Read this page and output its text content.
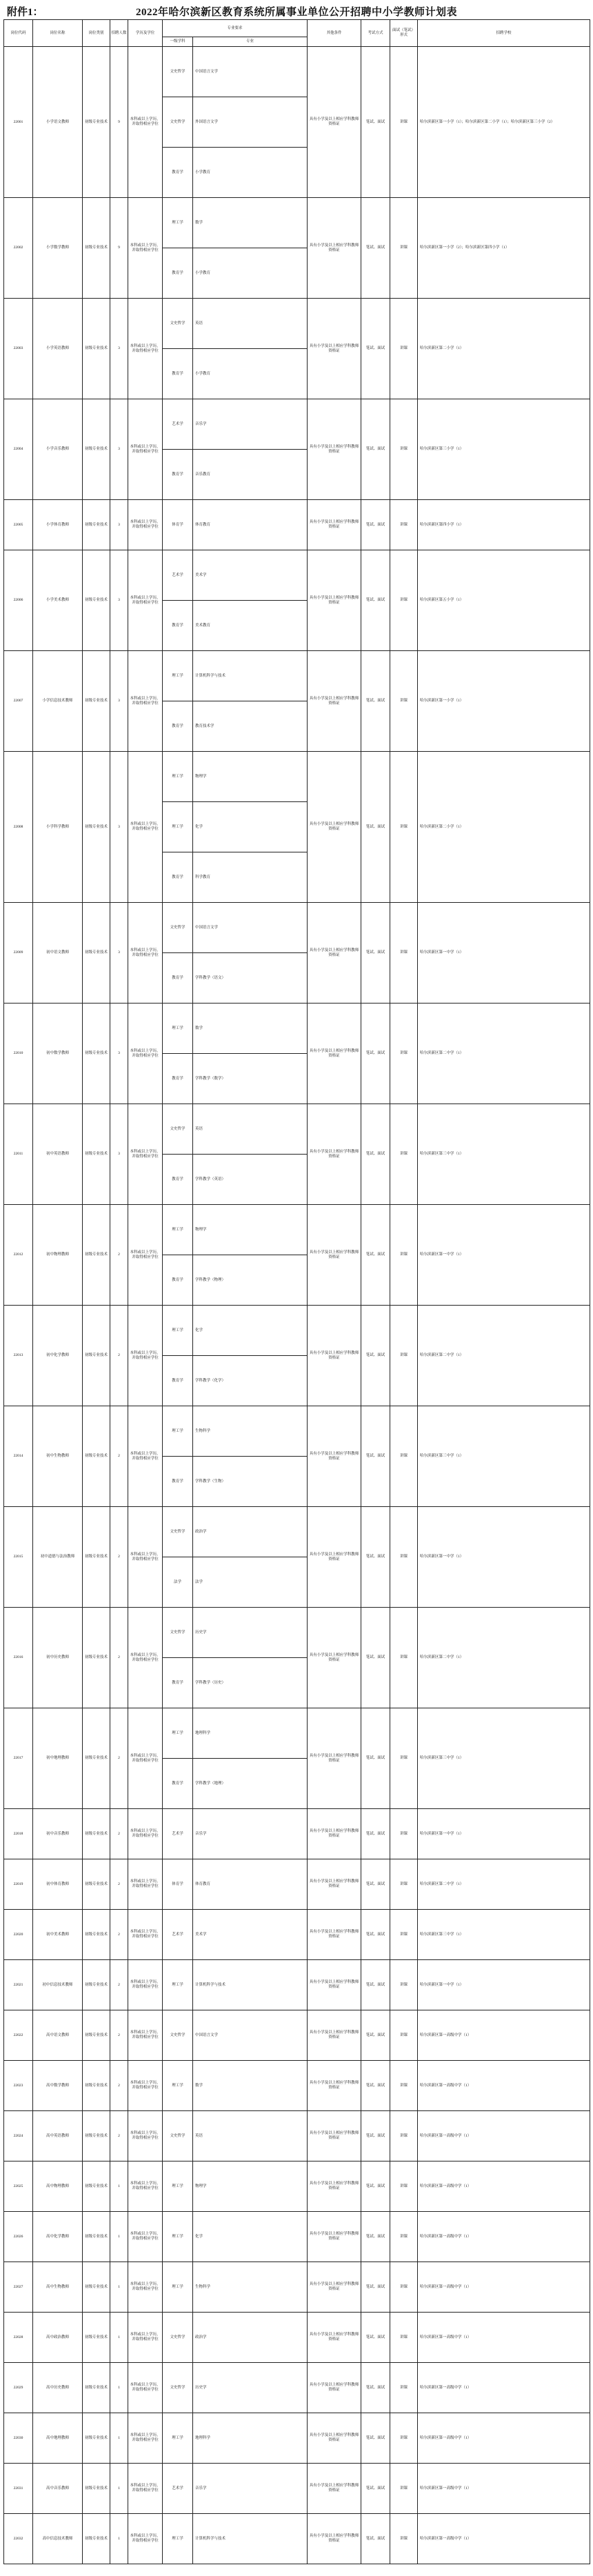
附件1：	2022年哈尔滨新区教育系统所属事业单位公开招聘中小学教师计划表
岗位代码	岗位名称	岗位类别	招聘人数	学历及学位	专业要求		其他条件	考试方式	面试（笔试）形式	招聘学校
					一级学科	专业				
22001	小学语文教师	初级专业技术	9	本科或以上学历，并取得相应学位	文史哲学	中国语言文学	具有小学及以上相应学科教师资格证	笔试、面试	讲课	哈尔滨新区第一小学（1）；哈尔滨新区第二小学（1）；哈尔滨新区第三小学（2）
					文史哲学	外国语言文学				
					教育学	小学教育				
22002	小学数学教师	初级专业技术	9	本科或以上学历，并取得相应学位	理工学	数学	具有小学及以上相应学科教师资格证	笔试、面试	讲课	哈尔滨新区第一小学（2）；哈尔滨新区第四小学（1）
					教育学	小学教育				
22003	小学英语教师	初级专业技术	3	本科或以上学历，并取得相应学位	文史哲学	英语	具有小学及以上相应学科教师资格证	笔试、面试	讲课	哈尔滨新区第二小学（1）
					教育学	小学教育				
22004	小学音乐教师	初级专业技术	3	本科或以上学历，并取得相应学位	艺术学	音乐学	具有小学及以上相应学科教师资格证	笔试、面试	讲课	哈尔滨新区第三小学（1）
					教育学	音乐教育				
22005	小学体育教师	初级专业技术	3	本科或以上学历，并取得相应学位	体育学	体育教育	具有小学及以上相应学科教师资格证	笔试、面试	讲课	哈尔滨新区第四小学（1）
22006	小学美术教师	初级专业技术	3	本科或以上学历，并取得相应学位	艺术学	美术学	具有小学及以上相应学科教师资格证	笔试、面试	讲课	哈尔滨新区第五小学（1）
					教育学	美术教育				
22007	小学信息技术教师	初级专业技术	3	本科或以上学历，并取得相应学位	理工学	计算机科学与技术	具有小学及以上相应学科教师资格证	笔试、面试	讲课	哈尔滨新区第一小学（1）
					教育学	教育技术学				
22008	小学科学教师	初级专业技术	3	本科或以上学历，并取得相应学位	理工学	物理学	具有小学及以上相应学科教师资格证	笔试、面试	讲课	哈尔滨新区第二小学（1）
					理工学	化学				
					教育学	科学教育				
22009	初中语文教师	初级专业技术	3	本科或以上学历，并取得相应学位	文史哲学	中国语言文学	具有小学及以上相应学科教师资格证	笔试、面试	讲课	哈尔滨新区第一中学（1）
					教育学	学科教学（语文）				
22010	初中数学教师	初级专业技术	3	本科或以上学历，并取得相应学位	理工学	数学	具有小学及以上相应学科教师资格证	笔试、面试	讲课	哈尔滨新区第二中学（1）
					教育学	学科教学（数学）				
22011	初中英语教师	初级专业技术	3	本科或以上学历，并取得相应学位	文史哲学	英语	具有小学及以上相应学科教师资格证	笔试、面试	讲课	哈尔滨新区第三中学（1）
					教育学	学科教学（英语）				
22012	初中物理教师	初级专业技术	2	本科或以上学历，并取得相应学位	理工学	物理学	具有小学及以上相应学科教师资格证	笔试、面试	讲课	哈尔滨新区第一中学（1）
					教育学	学科教学（物理）				
22013	初中化学教师	初级专业技术	2	本科或以上学历，并取得相应学位	理工学	化学	具有小学及以上相应学科教师资格证	笔试、面试	讲课	哈尔滨新区第二中学（1）
					教育学	学科教学（化学）				
22014	初中生物教师	初级专业技术	2	本科或以上学历，并取得相应学位	理工学	生物科学	具有小学及以上相应学科教师资格证	笔试、面试	讲课	哈尔滨新区第三中学（1）
					教育学	学科教学（生物）				
22015	初中道德与法治教师	初级专业技术	2	本科或以上学历，并取得相应学位	文史哲学	政治学	具有小学及以上相应学科教师资格证	笔试、面试	讲课	哈尔滨新区第一中学（1）
					法学	法学				
22016	初中历史教师	初级专业技术	2	本科或以上学历，并取得相应学位	文史哲学	历史学	具有小学及以上相应学科教师资格证	笔试、面试	讲课	哈尔滨新区第二中学（1）
					教育学	学科教学（历史）				
22017	初中地理教师	初级专业技术	2	本科或以上学历，并取得相应学位	理工学	地理科学	具有小学及以上相应学科教师资格证	笔试、面试	讲课	哈尔滨新区第三中学（1）
					教育学	学科教学（地理）				
22018	初中音乐教师	初级专业技术	2	本科或以上学历，并取得相应学位	艺术学	音乐学	具有小学及以上相应学科教师资格证	笔试、面试	讲课	哈尔滨新区第一中学（1）
22019	初中体育教师	初级专业技术	2	本科或以上学历，并取得相应学位	体育学	体育教育	具有小学及以上相应学科教师资格证	笔试、面试	讲课	哈尔滨新区第二中学（1）
22020	初中美术教师	初级专业技术	2	本科或以上学历，并取得相应学位	艺术学	美术学	具有小学及以上相应学科教师资格证	笔试、面试	讲课	哈尔滨新区第三中学（1）
22021	初中信息技术教师	初级专业技术	2	本科或以上学历，并取得相应学位	理工学	计算机科学与技术	具有小学及以上相应学科教师资格证	笔试、面试	讲课	哈尔滨新区第一中学（1）
22022	高中语文教师	初级专业技术	2	本科或以上学历，并取得相应学位	文史哲学	中国语言文学	具有小学及以上相应学科教师资格证	笔试、面试	讲课	哈尔滨新区第一高级中学（1）
22023	高中数学教师	初级专业技术	2	本科或以上学历，并取得相应学位	理工学	数学	具有小学及以上相应学科教师资格证	笔试、面试	讲课	哈尔滨新区第一高级中学（1）
22024	高中英语教师	初级专业技术	2	本科或以上学历，并取得相应学位	文史哲学	英语	具有小学及以上相应学科教师资格证	笔试、面试	讲课	哈尔滨新区第一高级中学（1）
22025	高中物理教师	初级专业技术	1	本科或以上学历，并取得相应学位	理工学	物理学	具有小学及以上相应学科教师资格证	笔试、面试	讲课	哈尔滨新区第一高级中学（1）
22026	高中化学教师	初级专业技术	1	本科或以上学历，并取得相应学位	理工学	化学	具有小学及以上相应学科教师资格证	笔试、面试	讲课	哈尔滨新区第一高级中学（1）
22027	高中生物教师	初级专业技术	1	本科或以上学历，并取得相应学位	理工学	生物科学	具有小学及以上相应学科教师资格证	笔试、面试	讲课	哈尔滨新区第一高级中学（1）
22028	高中政治教师	初级专业技术	1	本科或以上学历，并取得相应学位	文史哲学	政治学	具有小学及以上相应学科教师资格证	笔试、面试	讲课	哈尔滨新区第一高级中学（1）
22029	高中历史教师	初级专业技术	1	本科或以上学历，并取得相应学位	文史哲学	历史学	具有小学及以上相应学科教师资格证	笔试、面试	讲课	哈尔滨新区第一高级中学（1）
22030	高中地理教师	初级专业技术	1	本科或以上学历，并取得相应学位	理工学	地理科学	具有小学及以上相应学科教师资格证	笔试、面试	讲课	哈尔滨新区第一高级中学（1）
22031	高中音乐教师	初级专业技术	1	本科或以上学历，并取得相应学位	艺术学	音乐学	具有小学及以上相应学科教师资格证	笔试、面试	讲课	哈尔滨新区第一高级中学（1）
22032	高中信息技术教师	初级专业技术	1	本科或以上学历，并取得相应学位	理工学	计算机科学与技术	具有小学及以上相应学科教师资格证	笔试、面试	讲课	哈尔滨新区第一高级中学（1）
